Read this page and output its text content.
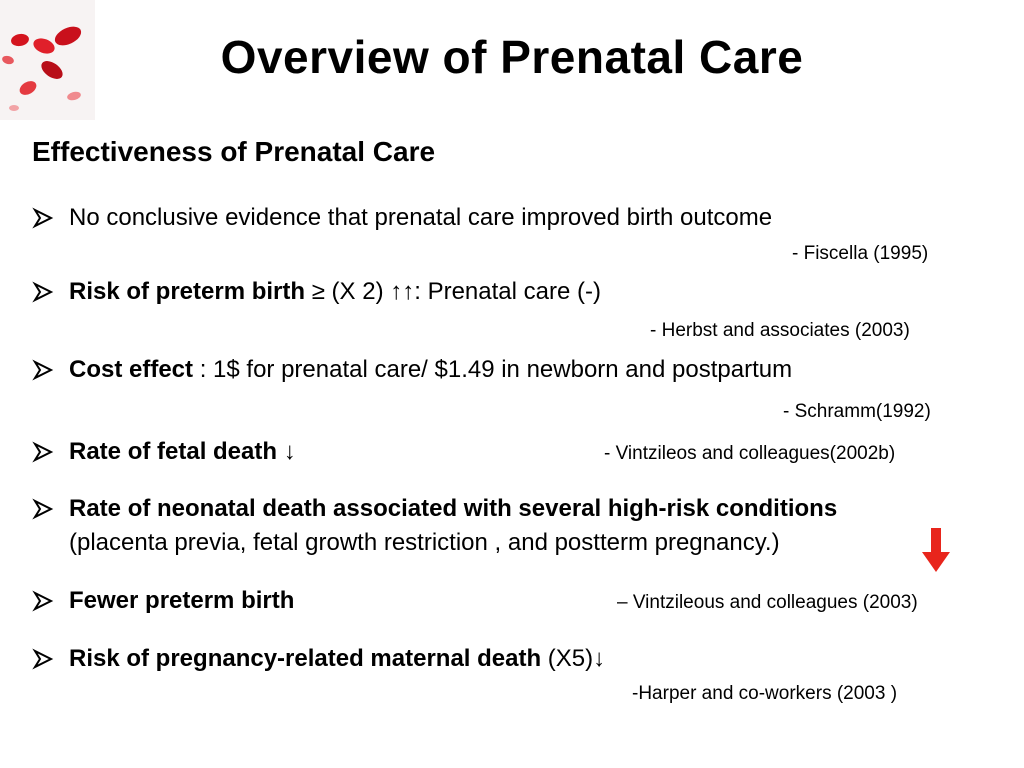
Overview of Prenatal Care
Effectiveness of Prenatal Care
No conclusive evidence that prenatal care improved birth outcome
- Fiscella (1995)
Risk of preterm birth ≥ (X 2) ↑↑: Prenatal care (-)
- Herbst and associates (2003)
Cost effect : 1$ for prenatal care/ $1.49 in newborn and postpartum
- Schramm(1992)
Rate of fetal death ↓	- Vintzileos and colleagues(2002b)
Rate of neonatal death associated with several high-risk conditions
(placenta previa, fetal growth restriction , and postterm pregnancy.)
Fewer preterm birth	– Vintzileous and colleagues (2003)
Risk of pregnancy-related maternal death (X5)↓
-Harper and co-workers (2003 )
